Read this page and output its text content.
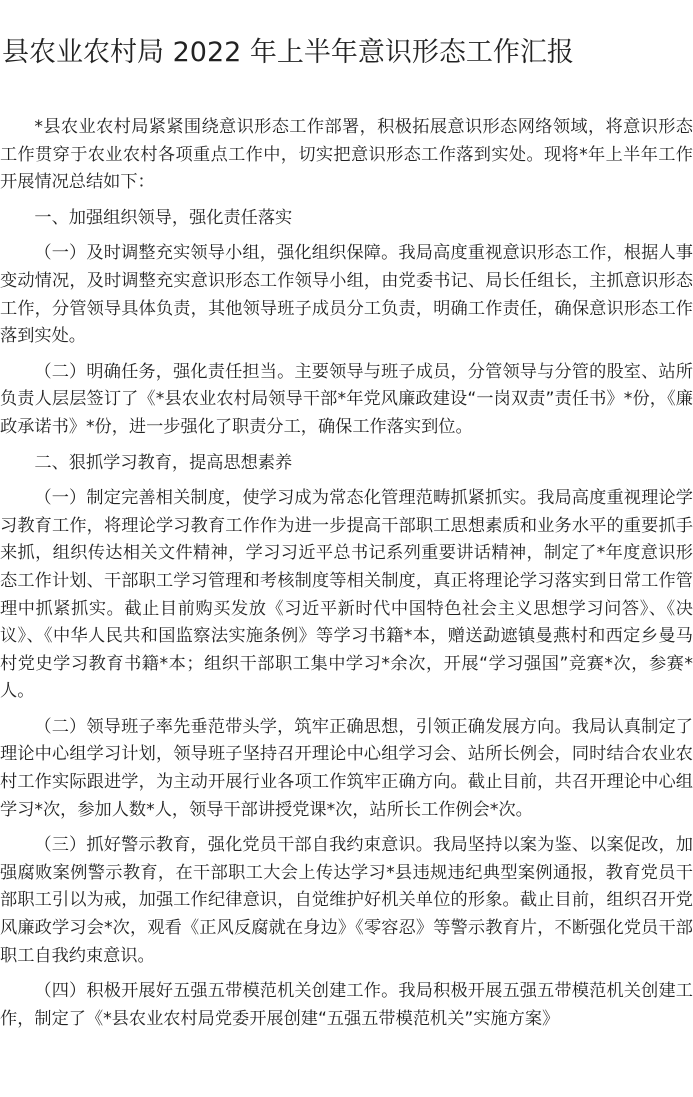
县农业农村局 2022 年上半年意识形态工作汇报

*县农业农村局紧紧围绕意识形态工作部署，积极拓展意识形态网络领域，将意识形态工作贯穿于农业农村各项重点工作中，切实把意识形态工作落到实处。现将*年上半年工作开展情况总结如下：

一、加强组织领导，强化责任落实

（一）及时调整充实领导小组，强化组织保障。我局高度重视意识形态工作，根据人事变动情况，及时调整充实意识形态工作领导小组，由党委书记、局长任组长，主抓意识形态工作，分管领导具体负责，其他领导班子成员分工负责，明确工作责任，确保意识形态工作落到实处。

（二）明确任务，强化责任担当。主要领导与班子成员，分管领导与分管的股室、站所负责人层层签订了《*县农业农村局领导干部*年党风廉政建设“一岗双责”责任书》*份，《廉政承诺书》*份，进一步强化了职责分工，确保工作落实到位。

二、狠抓学习教育，提高思想素养

（一）制定完善相关制度，使学习成为常态化管理范畴抓紧抓实。我局高度重视理论学习教育工作，将理论学习教育工作作为进一步提高干部职工思想素质和业务水平的重要抓手来抓，组织传达相关文件精神，学习习近平总书记系列重要讲话精神，制定了*年度意识形态工作计划、干部职工学习管理和考核制度等相关制度，真正将理论学习落实到日常工作管理中抓紧抓实。截止目前购买发放《习近平新时代中国特色社会主义思想学习问答》、《决议》、《中华人民共和国监察法实施条例》等学习书籍*本，赠送勐遮镇曼燕村和西定乡曼马村党史学习教育书籍*本；组织干部职工集中学习*余次，开展“学习强国”竞赛*次，参赛*人。

（二）领导班子率先垂范带头学，筑牢正确思想，引领正确发展方向。我局认真制定了理论中心组学习计划，领导班子坚持召开理论中心组学习会、站所长例会，同时结合农业农村工作实际跟进学，为主动开展行业各项工作筑牢正确方向。截止目前，共召开理论中心组学习*次，参加人数*人，领导干部讲授党课*次，站所长工作例会*次。

（三）抓好警示教育，强化党员干部自我约束意识。我局坚持以案为鉴、以案促改，加强腐败案例警示教育，在干部职工大会上传达学习*县违规违纪典型案例通报，教育党员干部职工引以为戒，加强工作纪律意识，自觉维护好机关单位的形象。截止目前，组织召开党风廉政学习会*次，观看《正风反腐就在身边》《零容忍》等警示教育片，不断强化党员干部职工自我约束意识。

（四）积极开展好五强五带模范机关创建工作。我局积极开展五强五带模范机关创建工作，制定了《*县农业农村局党委开展创建“五强五带模范机关”实施方案》
